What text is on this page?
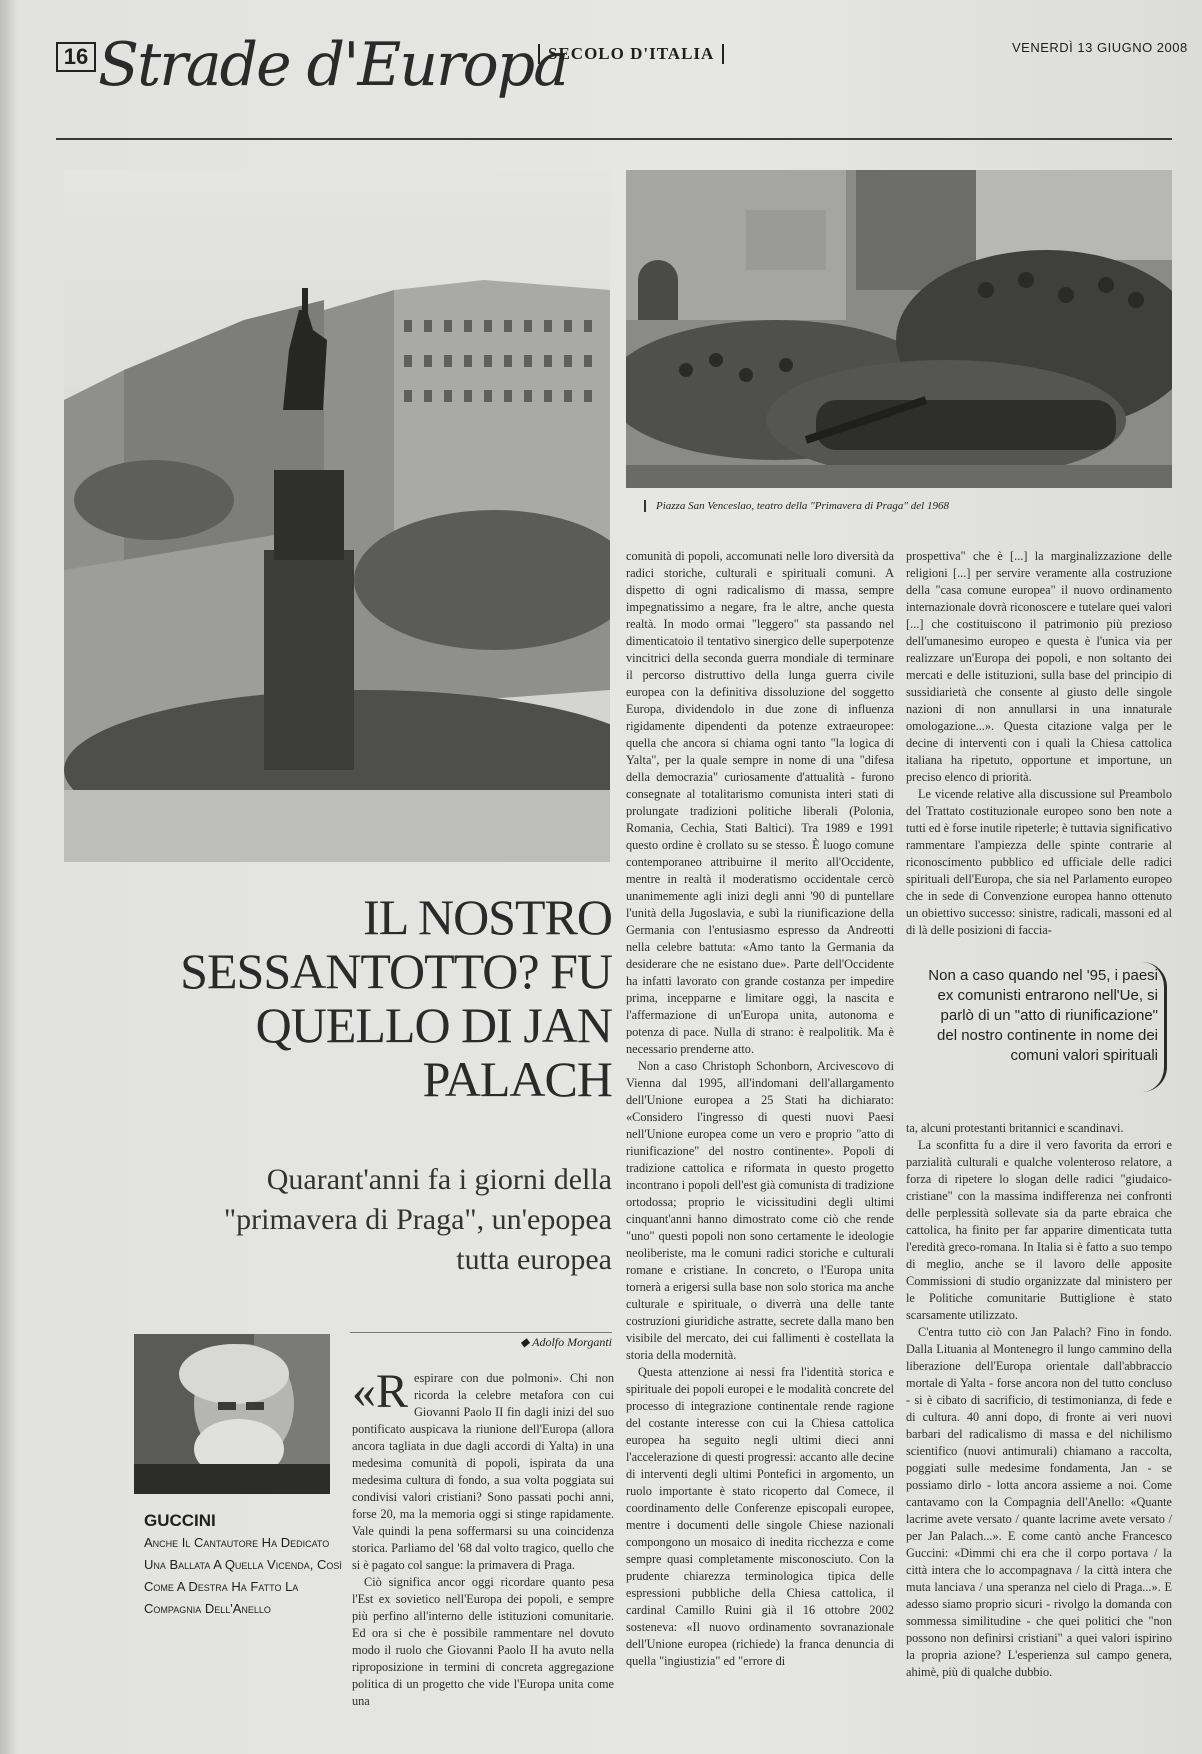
16 Strade d'Europa
SECOLO D'ITALIA	VENERDÌ 13 GIUGNO 2008
Piazza San Venceslao, teatro della "Primavera di Praga" del 1968

comunità di popoli, accomunati nelle loro diversità da radici storiche, culturali e spirituali comuni. A dispetto di ogni radicalismo di massa, sempre impegnatissimo a negare, fra le altre, anche questa realtà. In modo ormai "leggero" sta passando nel dimenticatoio il tentativo sinergico delle superpotenze vincitrici della seconda guerra mondiale di terminare il percorso distruttivo della lunga guerra civile europea con la definitiva dissoluzione del soggetto Europa, dividendolo in due zone di influenza rigidamente dipendenti da potenze extraeuropee: quella che ancora si chiama ogni tanto "la logica di Yalta", per la quale sempre in nome di una "difesa della democrazia" curiosamente d'attualità - furono consegnate al totalitarismo comunista interi stati di prolungate tradizioni politiche liberali (Polonia, Romania, Cechia, Stati Baltici). Tra 1989 e 1991 questo ordine è crollato su se stesso. È luogo comune contemporaneo attribuirne il merito all'Occidente, mentre in realtà il moderatismo occidentale cercò unanimemente agli inizi degli anni '90 di puntellare l'unità della Jugoslavia, e subì la riunificazione della Germania con l'entusiasmo espresso da Andreotti nella celebre battuta: «Amo tanto la Germania da desiderare che ne esistano due». Parte dell'Occidente ha infatti lavorato con grande costanza per impedire prima, incepparne e limitare oggi, la nascita e l'affermazione di un'Europa unita, autonoma e potenza di pace. Nulla di strano: è realpolitik. Ma è necessario prenderne atto.

Non a caso Christoph Schonborn, Arcivescovo di Vienna dal 1995, all'indomani dell'allargamento dell'Unione europea a 25 Stati ha dichiarato: «Considero l'ingresso di questi nuovi Paesi nell'Unione europea come un vero e proprio "atto di riunificazione" del nostro continente». Popoli di tradizione cattolica e riformata in questo progetto incontrano i popoli dell'est già comunista di tradizione ortodossa; proprio le vicissitudini degli ultimi cinquant'anni hanno dimostrato come ciò che rende "uno" questi popoli non sono certamente le ideologie neoliberiste, ma le comuni radici storiche e culturali romane e cristiane. In concreto, o l'Europa unita tornerà a erigersi sulla base non solo storica ma anche culturale e spirituale, o diverrà una delle tante costruzioni giuridiche astratte, secrete dalla mano ben visibile del mercato, dei cui fallimenti è costellata la storia della modernità.

Questa attenzione ai nessi fra l'identità storica e spirituale dei popoli europei e le modalità concrete del processo di integrazione continentale rende ragione del costante interesse con cui la Chiesa cattolica europea ha seguito negli ultimi dieci anni l'accelerazione di questi progressi: accanto alle decine di interventi degli ultimi Pontefici in argomento, un ruolo importante è stato ricoperto dal Comece, il coordinamento delle Conferenze episcopali europee, mentre i documenti delle singole Chiese nazionali compongono un mosaico di inedita ricchezza e come sempre quasi completamente misconosciuto. Con la prudente chiarezza terminologica tipica delle espressioni pubbliche della Chiesa cattolica, il cardinal Camillo Ruini già il 16 ottobre 2002 sosteneva: «Il nuovo ordinamento sovranazionale dell'Unione europea (richiede) la franca denuncia di quella "ingiustizia" ed "errore di

prospettiva" che è [...] la marginalizzazione delle religioni [...] per servire veramente alla costruzione della "casa comune europea" il nuovo ordinamento internazionale dovrà riconoscere e tutelare quei valori [...] che costituiscono il patrimonio più prezioso dell'umanesimo europeo e questa è l'unica via per realizzare un'Europa dei popoli, e non soltanto dei mercati e delle istituzioni, sulla base del principio di sussidiarietà che consente al giusto delle singole nazioni di non annullarsi in una innaturale omologazione...». Questa citazione valga per le decine di interventi con i quali la Chiesa cattolica italiana ha ripetuto, opportune et importune, un preciso elenco di priorità.

Le vicende relative alla discussione sul Preambolo del Trattato costituzionale europeo sono ben note a tutti ed è forse inutile ripeterle; è tuttavia significativo rammentare l'ampiezza delle spinte contrarie al riconoscimento pubblico ed ufficiale delle radici spirituali dell'Europa, che sia nel Parlamento europeo che in sede di Convenzione europea hanno ottenuto un obiettivo successo: sinistre, radicali, massoni ed al di là delle posizioni di faccia-

Non a caso quando nel '95, i paesi ex comunisti entrarono nell'Ue, si parlò di un "atto di riunificazione" del nostro continente in nome dei comuni valori spirituali

ta, alcuni protestanti britannici e scandinavi.

La sconfitta fu a dire il vero favorita da errori e parzialità culturali e qualche volenteroso relatore, a forza di ripetere lo slogan delle radici "giudaico-cristiane" con la massima indifferenza nei confronti delle perplessità sollevate sia da parte ebraica che cattolica, ha finito per far apparire dimenticata tutta l'eredità greco-romana. In Italia si è fatto a suo tempo di meglio, anche se il lavoro delle apposite Commissioni di studio organizzate dal ministero per le Politiche comunitarie Buttiglione è stato scarsamente utilizzato.

C'entra tutto ciò con Jan Palach? Fino in fondo. Dalla Lituania al Montenegro il lungo cammino della liberazione dell'Europa orientale dall'abbraccio mortale di Yalta - forse ancora non del tutto concluso - si è cibato di sacrificio, di testimonianza, di fede e di cultura. 40 anni dopo, di fronte ai veri nuovi barbari del radicalismo di massa e del nichilismo scientifico (nuovi antimurali) chiamano a raccolta, poggiati sulle medesime fondamenta, Jan - se possiamo dirlo - lotta ancora assieme a noi. Come cantavamo con la Compagnia dell'Anello: «Quante lacrime avete versato / quante lacrime avete versato / per Jan Palach...». E come cantò anche Francesco Guccini: «Dimmi chi era che il corpo portava / la città intera che lo accompagnava / la città intera che muta lanciava / una speranza nel cielo di Praga...». E adesso siamo proprio sicuri - rivolgo la domanda con sommessa similitudine - che quei politici che "non possono non definirsi cristiani" a quei valori ispirino la propria azione? L'esperienza sul campo genera, ahimè, più di qualche dubbio.

IL NOSTRO SESSANTOTTO? FU QUELLO DI JAN PALACH
Quarant'anni fa i giorni della "primavera di Praga", un'epopea tutta europea
◆ Adolfo Morganti
GUCCINI
Anche Il Cantautore Ha Dedicato Una Ballata A Quella Vicenda, Così Come A Destra Ha Fatto La Compagnia Dell'Anello
«R espirare con due polmoni». Chi non ricorda la celebre metafora con cui Giovanni Paolo II fin dagli inizi del suo pontificato auspicava la riunione dell'Europa (allora ancora tagliata in due dagli accordi di Yalta) in una medesima comunità di popoli, ispirata da una medesima cultura di fondo, a sua volta poggiata sui condivisi valori cristiani? Sono passati pochi anni, forse 20, ma la memoria oggi si stinge rapidamente. Vale quindi la pena soffermarsi su una coincidenza storica. Parliamo del '68 dal volto tragico, quello che si è pagato col sangue: la primavera di Praga.

Ciò significa ancor oggi ricordare quanto pesa l'Est ex sovietico nell'Europa dei popoli, e sempre più perfino all'interno delle istituzioni comunitarie. Ed ora si che è possibile rammentare nel dovuto modo il ruolo che Giovanni Paolo II ha avuto nella riproposizione in termini di concreta aggregazione politica di un progetto che vide l'Europa unita come una
